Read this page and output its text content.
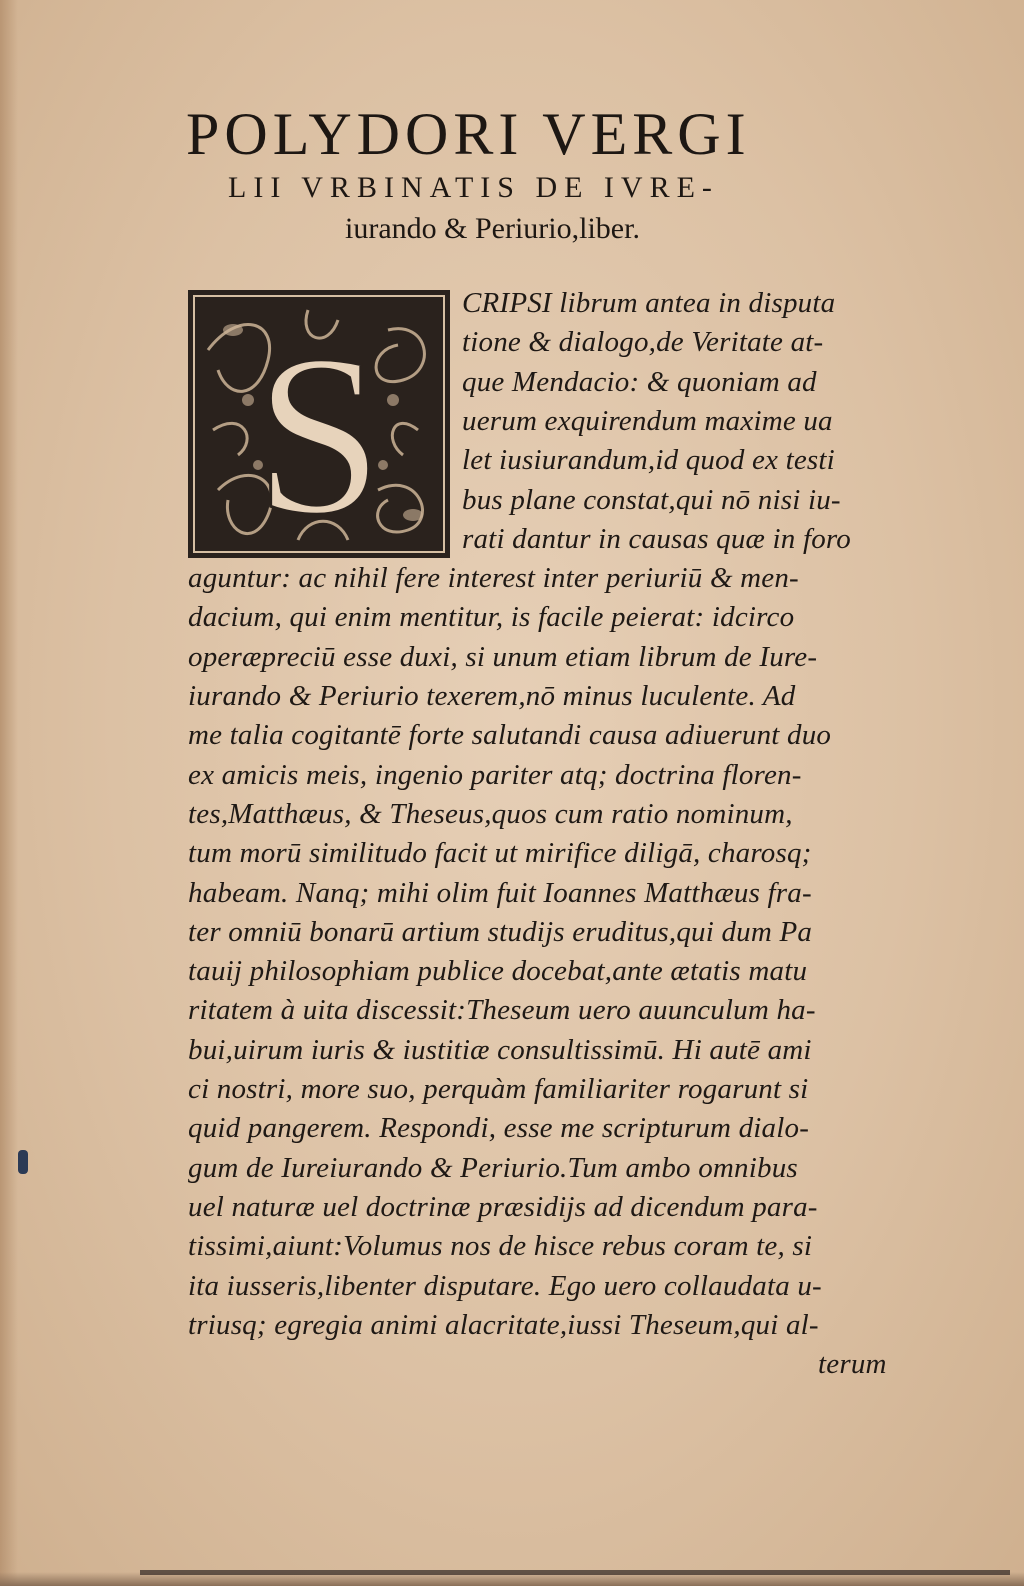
POLYDORI VERGI
LII VRBINATIS DE IVRE-
iurando & Periurio,liber.
S
CRIPSI librum antea in disputa
tione & dialogo,de Veritate at-
que Mendacio: & quoniam ad
uerum exquirendum maxime ua
let iusiurandum,id quod ex testi
bus plane constat,qui nō nisi iu-
rati dantur in causas quæ in foro
aguntur: ac nihil fere interest inter periuriū & men-
dacium, qui enim mentitur, is facile peierat: idcirco
operæpreciū esse duxi, si unum etiam librum de Iure-
iurando & Periurio texerem,nō minus luculente. Ad
me talia cogitantē forte salutandi causa adiuerunt duo
ex amicis meis, ingenio pariter atq; doctrina floren-
tes,Matthæus, & Theseus,quos cum ratio nominum,
tum morū similitudo facit ut mirifice diligā, charosq;
habeam. Nanq; mihi olim fuit Ioannes Matthæus fra-
ter omniū bonarū artium studijs eruditus,qui dum Pa
tauij philosophiam publice docebat,ante ætatis matu
ritatem à uita discessit:Theseum uero auunculum ha-
bui,uirum iuris & iustitiæ consultissimū. Hi autē ami
ci nostri, more suo, perquàm familiariter rogarunt si
quid pangerem. Respondi, esse me scripturum dialo-
gum de Iureiurando & Periurio.Tum ambo omnibus
uel naturæ uel doctrinæ præsidijs ad dicendum para-
tissimi,aiunt:Volumus nos de hisce rebus coram te, si
ita iusseris,libenter disputare. Ego uero collaudata u-
triusq; egregia animi alacritate,iussi Theseum,qui al-
terum
